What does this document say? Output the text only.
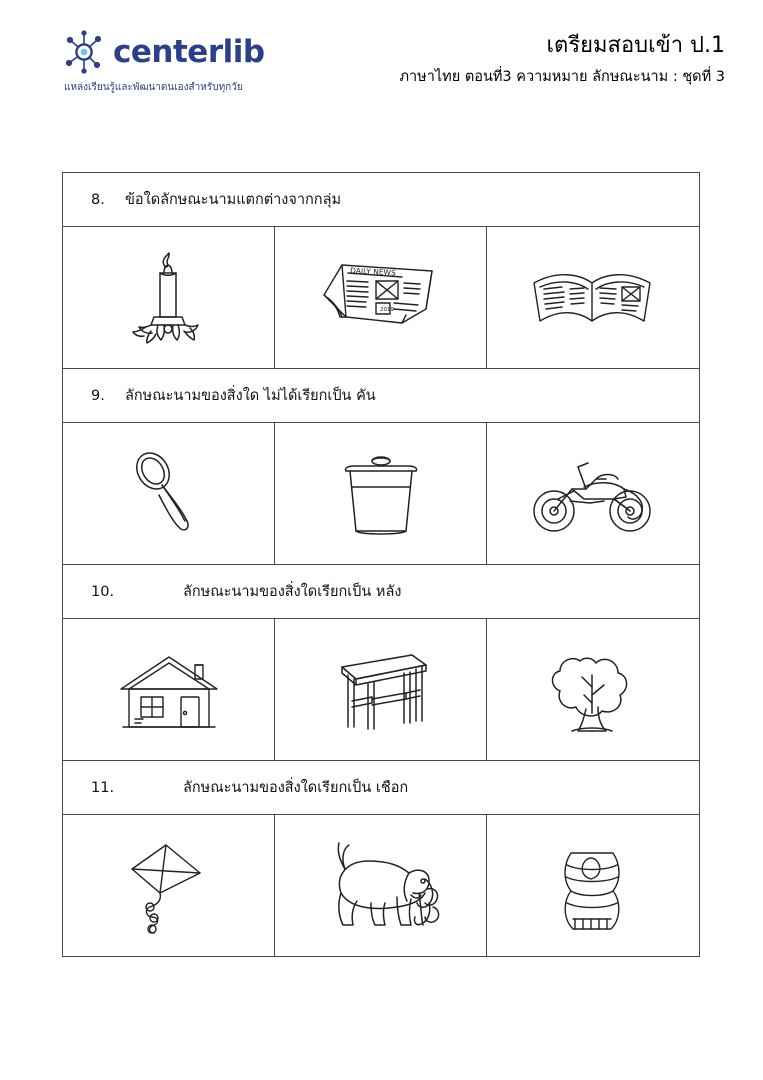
centerlib
แหล่งเรียนรู้และพัฒนาตนเองสำหรับทุกวัย
เตรียมสอบเข้า ป.1
ภาษาไทย ตอนที่3 ความหมาย ลักษณะนาม : ชุดที่ 3
8.	ข้อใดลักษณะนามแตกต่างจากกลุ่ม
DAILY NEWS
2019
9.	ลักษณะนามของสิ่งใด ไม่ได้เรียกเป็น คัน
10.	ลักษณะนามของสิ่งใดเรียกเป็น หลัง
11.	ลักษณะนามของสิ่งใดเรียกเป็น เชือก
